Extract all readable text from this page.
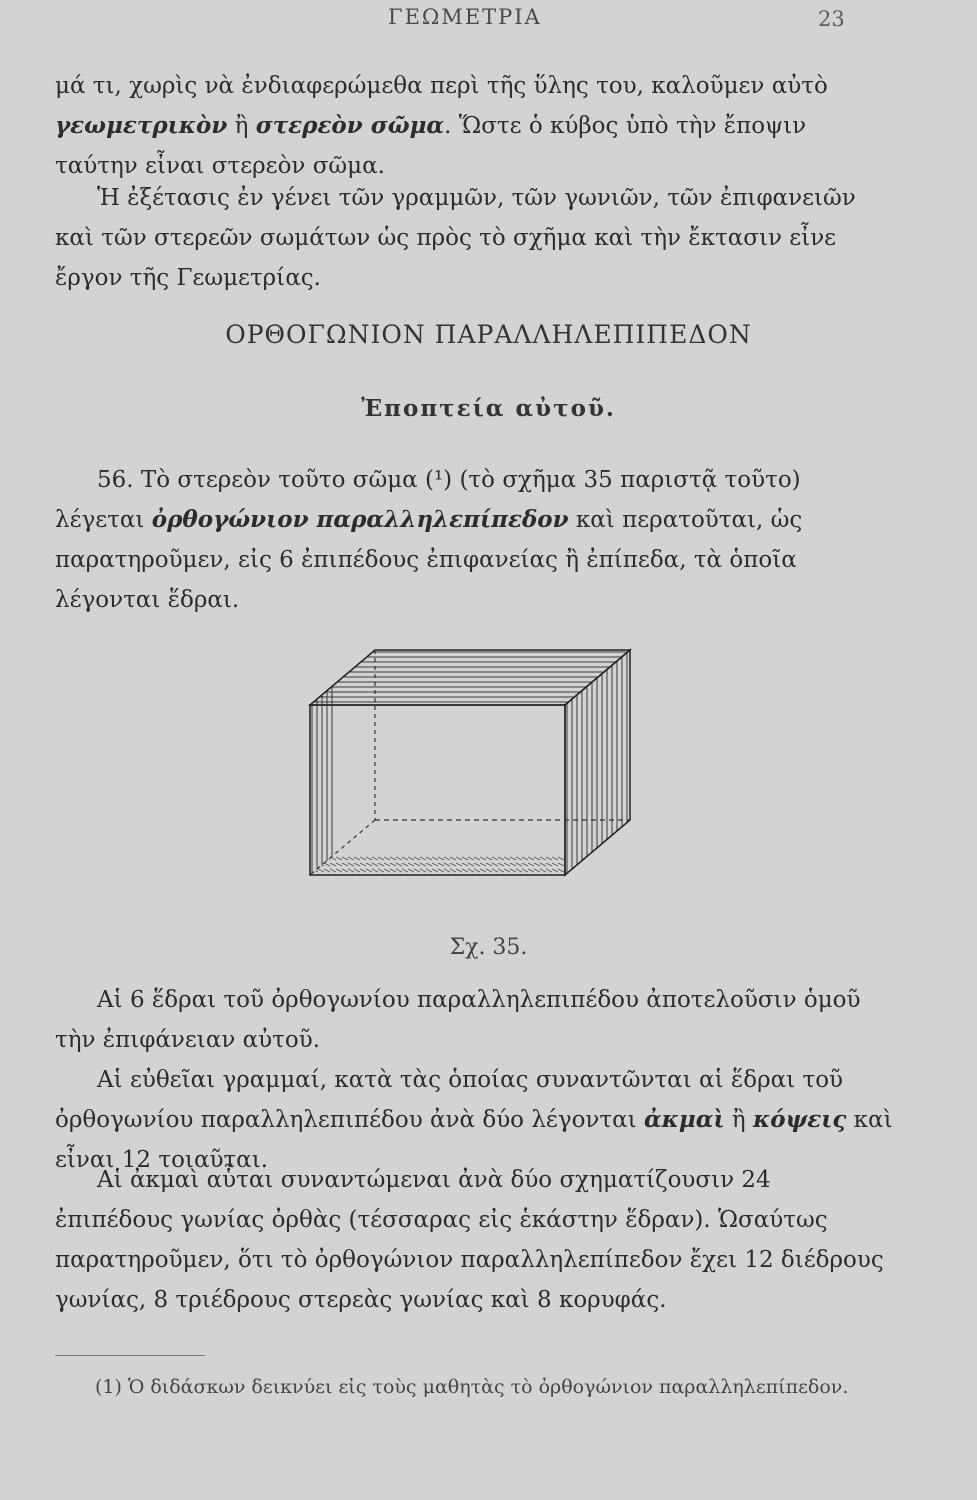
ΓΕΩΜΕΤΡΙΑ	23

μά τι, χωρὶς νὰ ἐνδιαφερώμεθα περὶ τῆς ὕλης του, καλοῦμεν αὐτὸ γεωμετρικὸν ἢ στερεὸν σῶμα. Ὥστε ὁ κύβος ὑπὸ τὴν ἔποψιν ταύτην εἶναι στερεὸν σῶμα.

Ἡ ἐξέτασις ἐν γένει τῶν γραμμῶν, τῶν γωνιῶν, τῶν ἐπιφανειῶν καὶ τῶν στερεῶν σωμάτων ὡς πρὸς τὸ σχῆμα καὶ τὴν ἔκτασιν εἶνε ἔργον τῆς Γεωμετρίας.

ΟΡΘΟΓΩΝΙΟΝ ΠΑΡΑΛΛΗΛΕΠΙΠΕΔΟΝ
Ἐποπτεία αὐτοῦ.

56. Τὸ στερεὸν τοῦτο σῶμα (¹) (τὸ σχῆμα 35 παριστᾷ τοῦτο) λέγεται ὀρθογώνιον παραλληλεπίπεδον καὶ περατοῦται, ὡς παρατηροῦμεν, εἰς 6 ἐπιπέδους ἐπιφανείας ἢ ἐπίπεδα, τὰ ὁποῖα λέγονται ἕδραι.

Σχ. 35.

Αἱ 6 ἕδραι τοῦ ὀρθογωνίου παραλληλεπιπέδου ἀποτελοῦσιν ὁμοῦ τὴν ἐπιφάνειαν αὐτοῦ.

Αἱ εὐθεῖαι γραμμαί, κατὰ τὰς ὁποίας συναντῶνται αἱ ἕδραι τοῦ ὀρθογωνίου παραλληλεπιπέδου ἀνὰ δύο λέγονται ἀκμαὶ ἢ κόψεις καὶ εἶναι 12 τοιαῦται.

Αἱ ἀκμαὶ αὗται συναντώμεναι ἀνὰ δύο σχηματίζουσιν 24 ἐπιπέδους γωνίας ὀρθὰς (τέσσαρας εἰς ἑκάστην ἕδραν). Ὡσαύτως παρατηροῦμεν, ὅτι τὸ ὀρθογώνιον παραλληλεπίπεδον ἔχει 12 διέδρους γωνίας, 8 τριέδρους στερεὰς γωνίας καὶ 8 κορυφάς.

(1) Ὁ διδάσκων δεικνύει εἰς τοὺς μαθητὰς τὸ ὀρθογώνιον παραλληλεπίπεδον.
